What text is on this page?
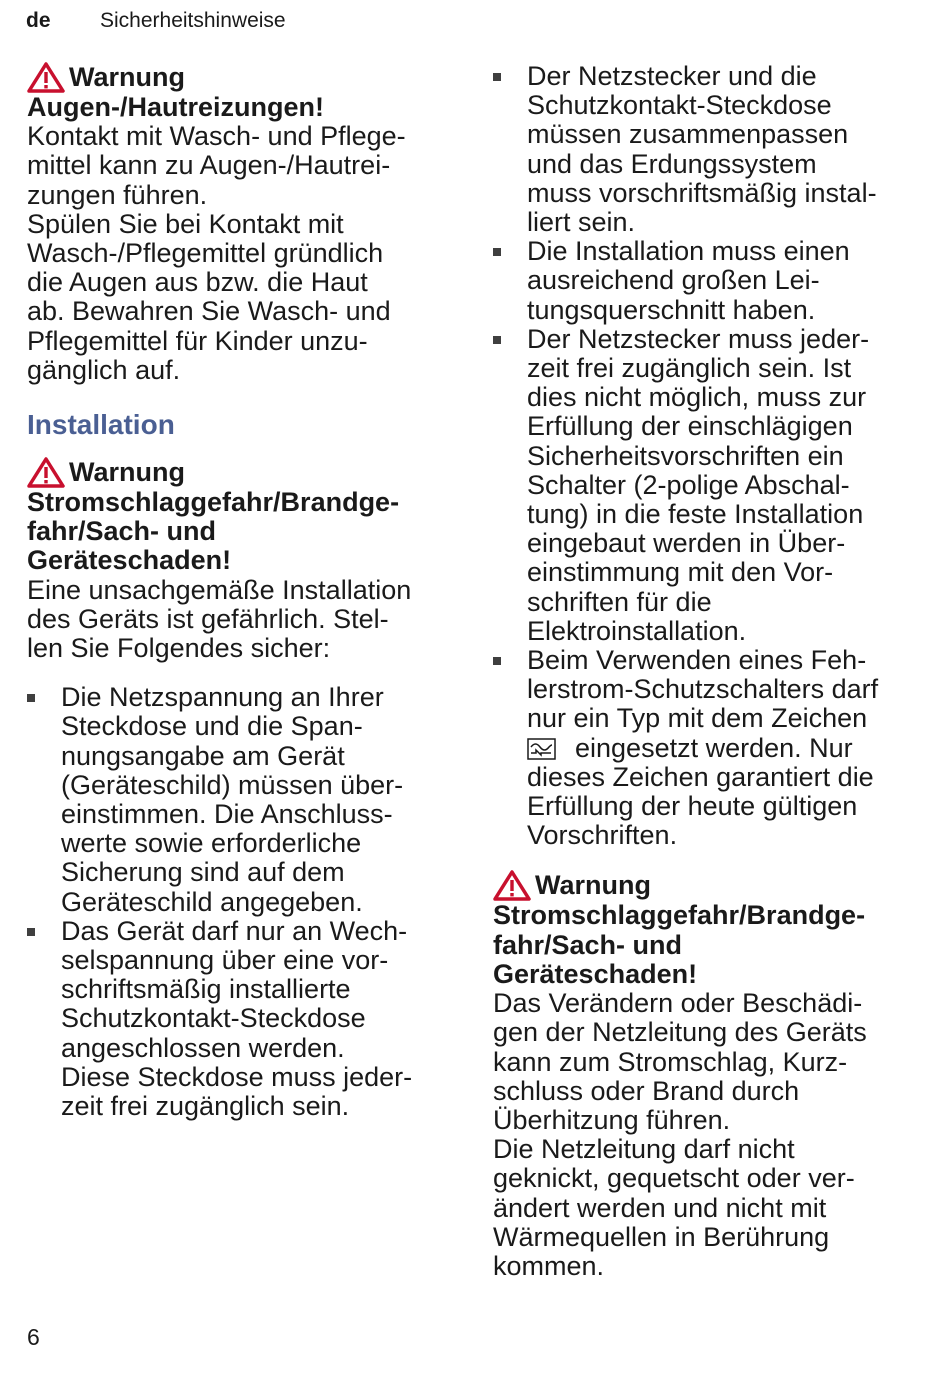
de Sicherheitshinweise
Warnung
Augen-/Hautreizungen!
Kontakt mit Wasch- und Pflege-
mittel kann zu Augen-/Hautrei-
zungen führen.
Spülen Sie bei Kontakt mit
Wasch-/Pflegemittel gründlich
die Augen aus bzw. die Haut
ab. Bewahren Sie Wasch- und
Pflegemittel für Kinder unzu-
gänglich auf.
Installation
Warnung
Stromschlaggefahr/Brandge-
fahr/Sach- und
Geräteschaden!
Eine unsachgemäße Installation
des Geräts ist gefährlich. Stel-
len Sie Folgendes sicher:
Die Netzspannung an Ihrer
Steckdose und die Span-
nungsangabe am Gerät
(Geräteschild) müssen über-
einstimmen. Die Anschluss-
werte sowie erforderliche
Sicherung sind auf dem
Geräteschild angegeben.
Das Gerät darf nur an Wech-
selspannung über eine vor-
schriftsmäßig installierte
Schutzkontakt-Steckdose
angeschlossen werden.
Diese Steckdose muss jeder-
zeit frei zugänglich sein.
Der Netzstecker und die
Schutzkontakt-Steckdose
müssen zusammenpassen
und das Erdungssystem
muss vorschriftsmäßig instal-
liert sein.
Die Installation muss einen
ausreichend großen Lei-
tungsquerschnitt haben.
Der Netzstecker muss jeder-
zeit frei zugänglich sein. Ist
dies nicht möglich, muss zur
Erfüllung der einschlägigen
Sicherheitsvorschriften ein
Schalter (2-polige Abschal-
tung) in die feste Installation
eingebaut werden in Über-
einstimmung mit den Vor-
schriften für die
Elektroinstallation.
Beim Verwenden eines Feh-
lerstrom-Schutzschalters darf
nur ein Typ mit dem Zeichen
eingesetzt werden. Nur
dieses Zeichen garantiert die
Erfüllung der heute gültigen
Vorschriften.
Warnung
Stromschlaggefahr/Brandge-
fahr/Sach- und
Geräteschaden!
Das Verändern oder Beschädi-
gen der Netzleitung des Geräts
kann zum Stromschlag, Kurz-
schluss oder Brand durch
Überhitzung führen.
Die Netzleitung darf nicht
geknickt, gequetscht oder ver-
ändert werden und nicht mit
Wärmequellen in Berührung
kommen.
6
